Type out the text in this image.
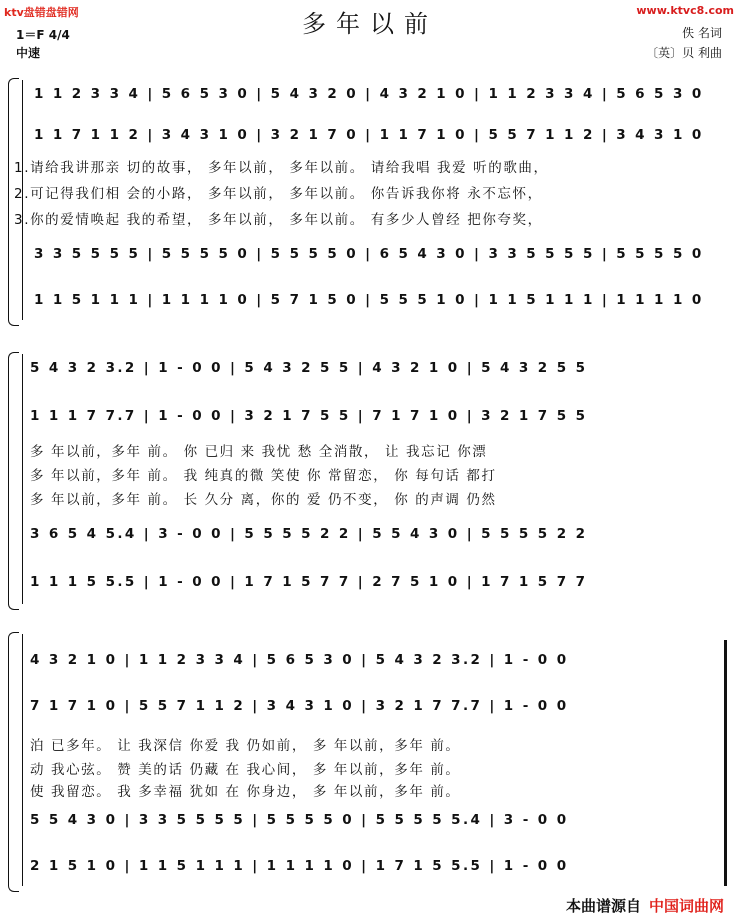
ktv盘错盘错网	www.ktvc8.com
多年以前
1＝F 4/4
中速
佚 名词
〔英〕贝 利曲
1 1 2 3 3 4 | 5 6 5 3 0 | 5 4 3 2 0 | 4 3 2 1 0 | 1 1 2 3 3 4 | 5 6 5 3 0
1 1 7 1 1 2 | 3 4 3 1 0 | 3 2 1 7 0 | 1 1 7 1 0 | 5 5 7 1 1 2 | 3 4 3 1 0
1.请给我讲那亲 切的故事， 多年以前， 多年以前。 请给我唱 我爱 听的歌曲，
2.可记得我们相 会的小路， 多年以前， 多年以前。 你告诉我你将 永不忘怀，
3.你的爱情唤起 我的希望， 多年以前， 多年以前。 有多少人曾经 把你夸奖，
3 3 5 5 5 5 | 5 5 5 5 0 | 5 5 5 5 0 | 6 5 4 3 0 | 3 3 5 5 5 5 | 5 5 5 5 0
1 1 5 1 1 1 | 1 1 1 1 0 | 5 7 1 5 0 | 5 5 5 1 0 | 1 1 5 1 1 1 | 1 1 1 1 0
5 4 3 2 3.2 | 1 - 0 0 | 5 4 3 2 5 5 | 4 3 2 1 0 | 5 4 3 2 5 5
1 1 1 7 7.7 | 1 - 0 0 | 3 2 1 7 5 5 | 7 1 7 1 0 | 3 2 1 7 5 5
多 年以前，多年 前。 你 已归 来 我忧 愁 全消散， 让 我忘记 你漂
多 年以前，多年 前。 我 纯真的微 笑使 你 常留恋， 你 每句话 都打
多 年以前，多年 前。 长 久分 离，你的 爱 仍不变， 你 的声调 仍然
3 6 5 4 5.4 | 3 - 0 0 | 5 5 5 5 2 2 | 5 5 4 3 0 | 5 5 5 5 2 2
1 1 1 5 5.5 | 1 - 0 0 | 1 7 1 5 7 7 | 2 7 5 1 0 | 1 7 1 5 7 7
4 3 2 1 0 | 1 1 2 3 3 4 | 5 6 5 3 0 | 5 4 3 2 3.2 | 1 - 0 0
7 1 7 1 0 | 5 5 7 1 1 2 | 3 4 3 1 0 | 3 2 1 7 7.7 | 1 - 0 0
泊 已多年。 让 我深信 你爱 我 仍如前， 多 年以前，多年 前。
动 我心弦。 赞 美的话 仍藏 在 我心间， 多 年以前，多年 前。
使 我留恋。 我 多幸福 犹如 在 你身边， 多 年以前，多年 前。
5 5 4 3 0 | 3 3 5 5 5 5 | 5 5 5 5 0 | 5 5 5 5 5.4 | 3 - 0 0
2 1 5 1 0 | 1 1 5 1 1 1 | 1 1 1 1 0 | 1 7 1 5 5.5 | 1 - 0 0
本曲谱源自 中国词曲网
